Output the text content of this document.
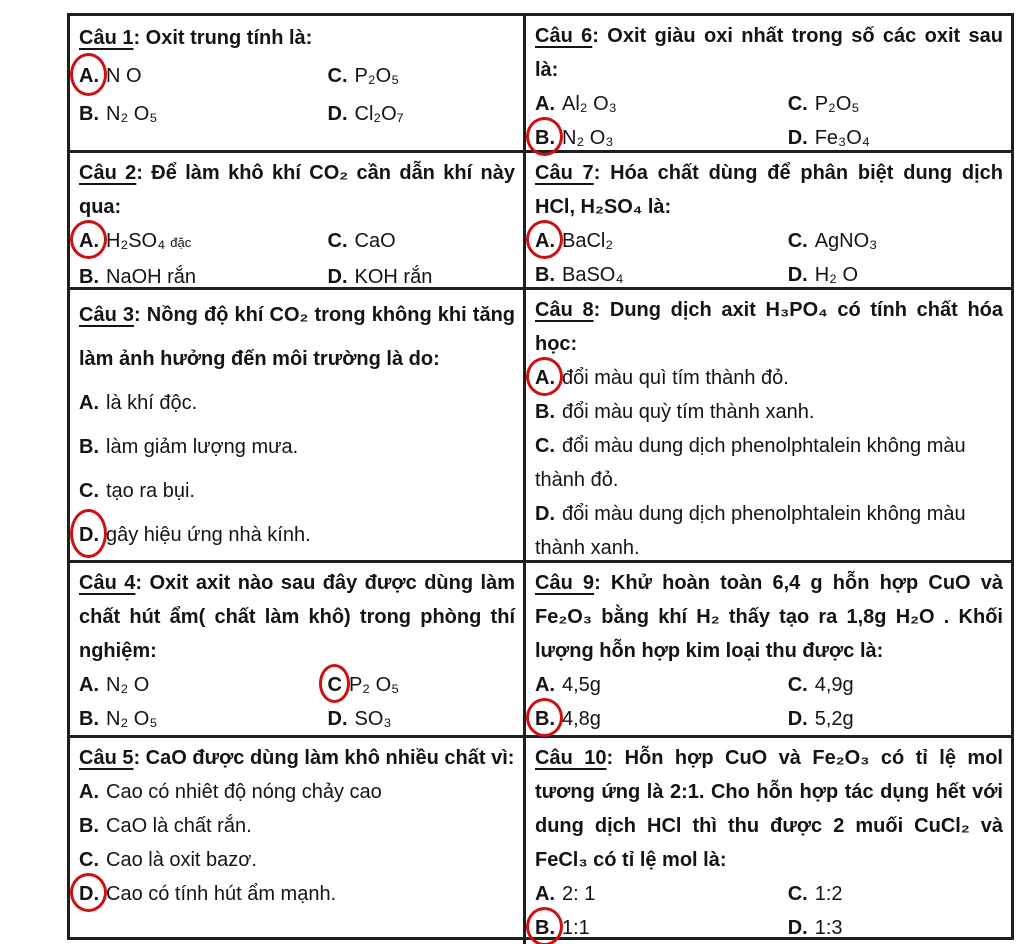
Câu 1: Oxit trung tính là:

A. N O	C. P₂O₅
B. N₂ O₅	D. Cl₂O₇

Câu 2: Để làm khô khí CO₂ cần dẫn khí này qua:

A. H₂SO₄ đặc	C. CaO
B. NaOH rắn	D. KOH rắn

Câu 3: Nồng độ khí CO₂ trong không khi tăng làm ảnh hưởng đến môi trường là do:

A. là khí độc.
B. làm giảm lượng mưa.
C. tạo ra bụi.
D. gây hiệu ứng nhà kính.

Câu 4: Oxit axit nào sau đây được dùng làm chất hút ẩm( chất làm khô) trong phòng thí nghiệm:

A. N₂ O	C P₂ O₅
B. N₂ O₅	D. SO₃

Câu 5: CaO được dùng làm khô nhiều chất vì:

A. Cao có nhiêt độ nóng chảy cao
B. CaO là chất rắn.
C. Cao là oxit bazơ.
D. Cao có tính hút ẩm mạnh.

Câu 6: Oxit giàu oxi nhất trong số các oxit sau là:

A. Al₂ O₃	C. P₂O₅
B. N₂ O₃	D. Fe₃O₄

Câu 7: Hóa chất dùng để phân biệt dung dịch HCl, H₂SO₄ là:

A. BaCl₂	C. AgNO₃
B. BaSO₄	D. H₂ O

Câu 8: Dung dịch axit H₃PO₄ có tính chất hóa học:

A. đổi màu quì tím thành đỏ.
B. đổi màu quỳ tím thành xanh.
C. đổi màu dung dịch phenolphtalein không màu thành đỏ.
D. đổi màu dung dịch phenolphtalein không màu thành xanh.

Câu 9: Khử hoàn toàn 6,4 g hỗn hợp CuO và Fe₂O₃ bằng khí H₂ thấy tạo ra 1,8g H₂O . Khối lượng hỗn hợp kim loại thu được là:

A. 4,5g	C. 4,9g
B. 4,8g	D. 5,2g

Câu 10: Hỗn hợp CuO và Fe₂O₃ có tỉ lệ mol tương ứng là 2:1. Cho hỗn hợp tác dụng hết với dung dịch HCl thì thu được 2 muối CuCl₂ và FeCl₃ có tỉ lệ mol là:

A. 2: 1	C. 1:2
B. 1:1	D. 1:3
